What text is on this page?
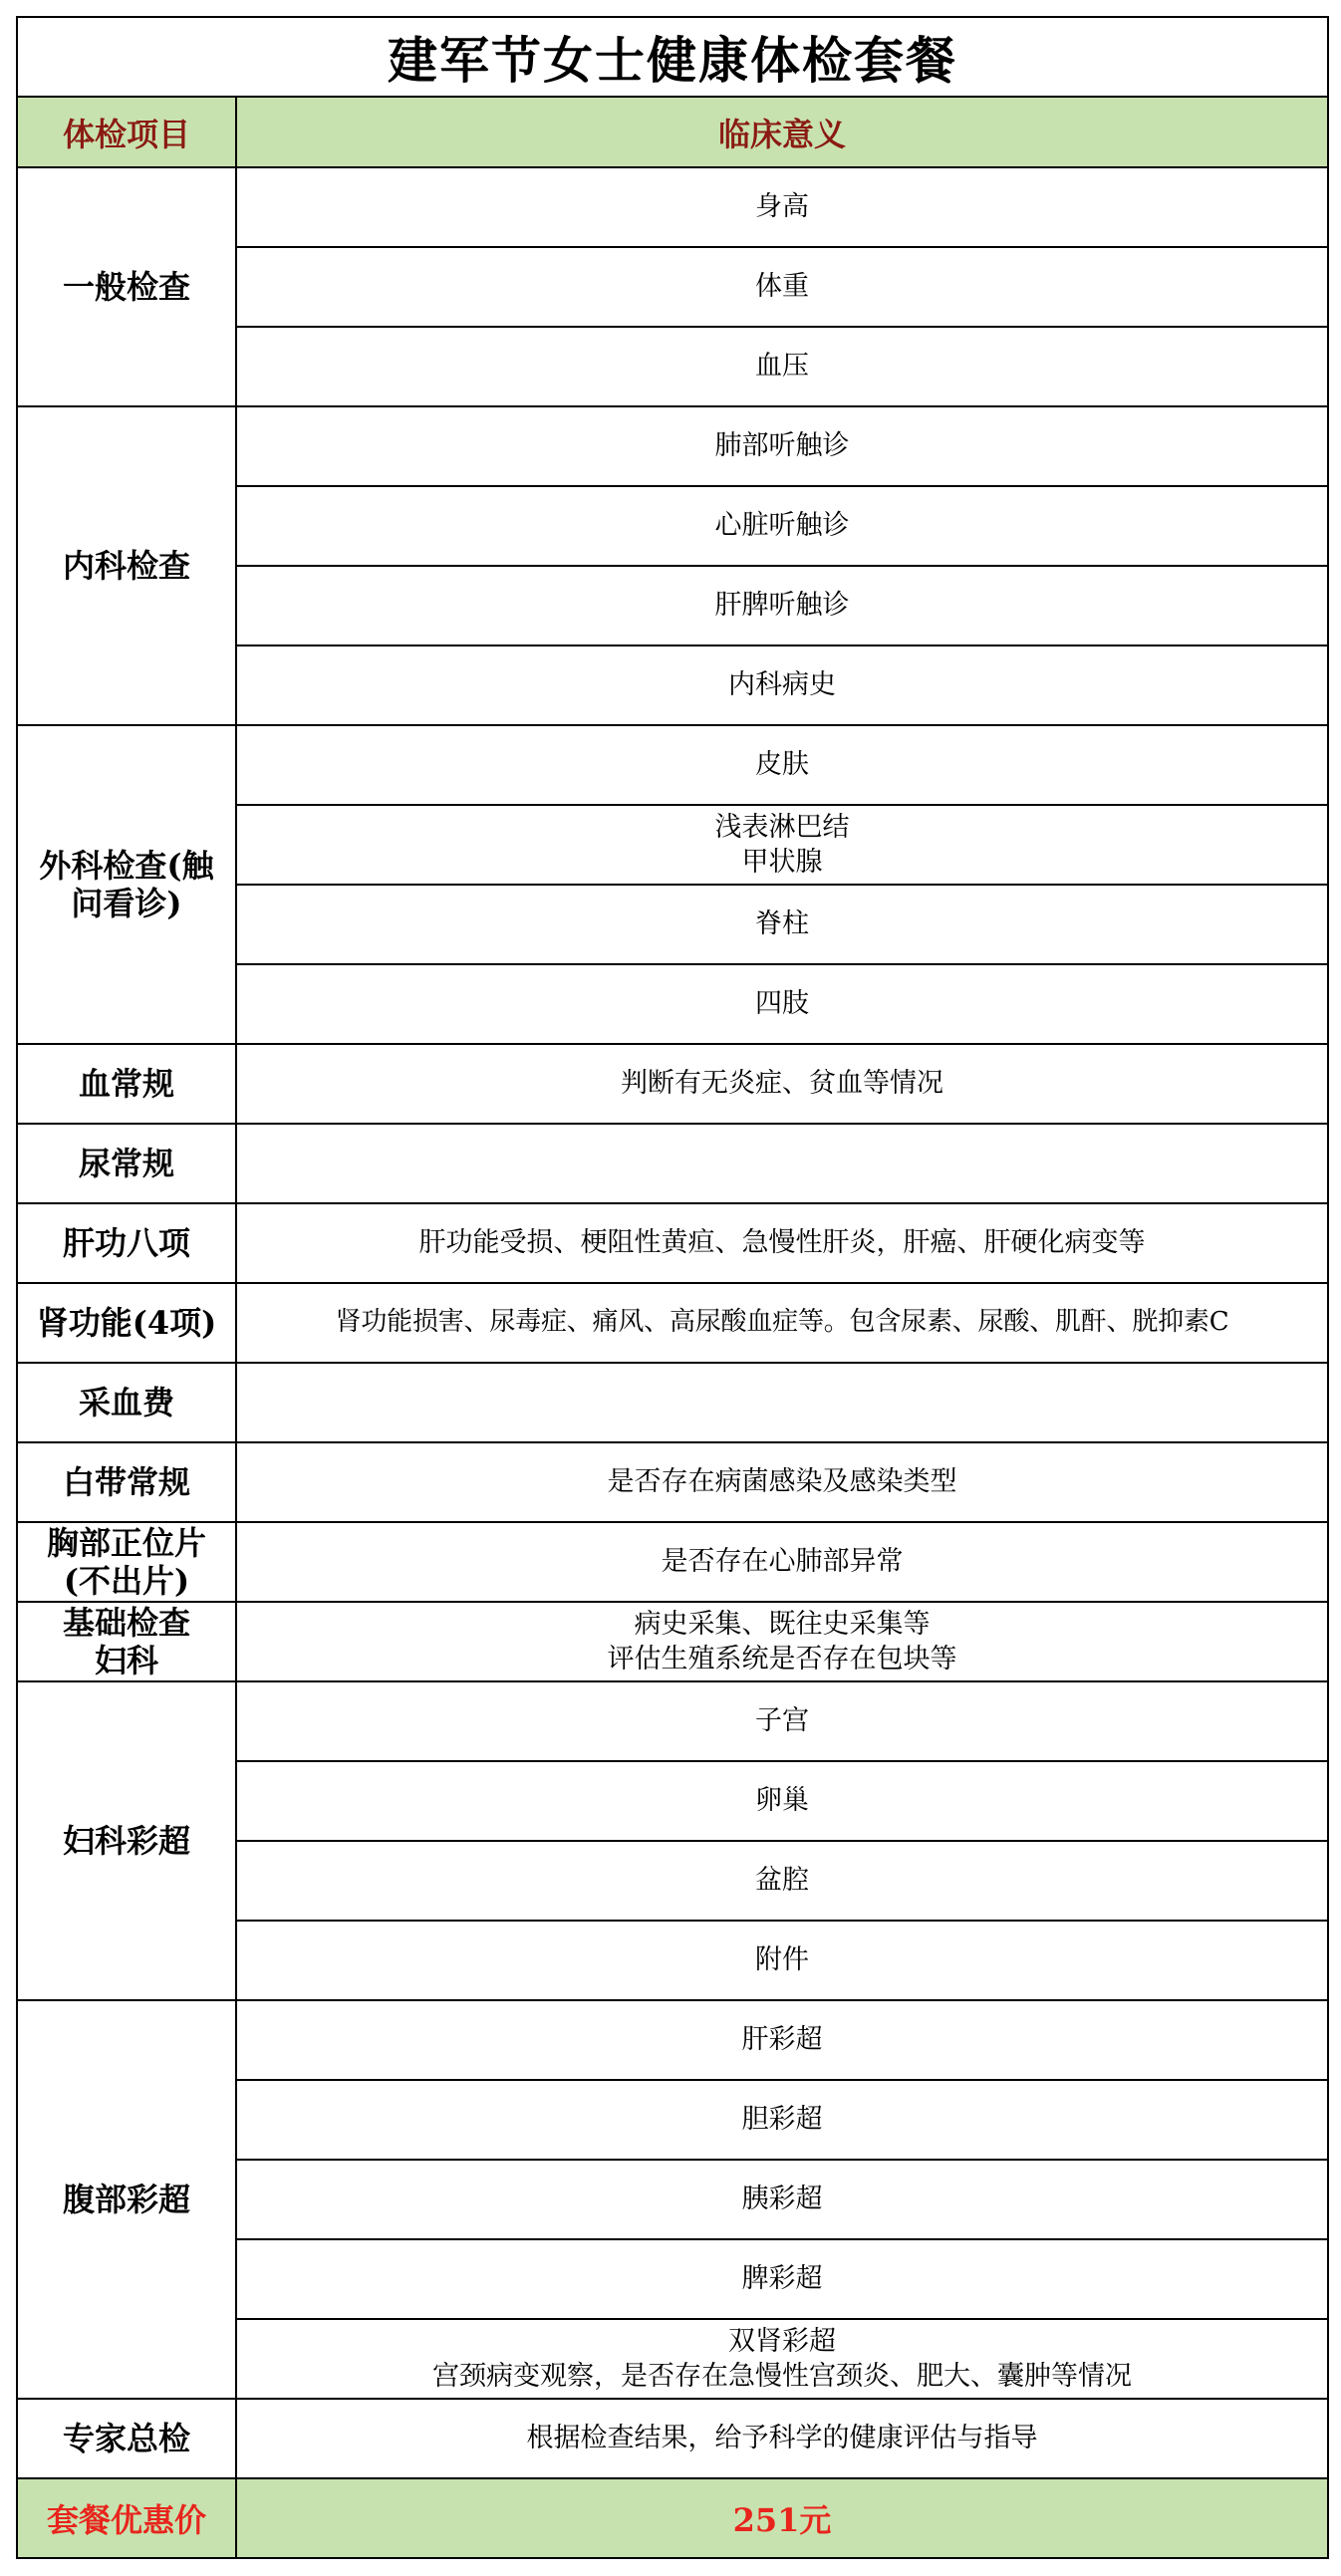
建军节女士健康体检套餐	
体检项目	临床意义

一般检查	身高

	体重

	血压

内科检查	肺部听触诊

	心脏听触诊

	肝脾听触诊

	内科病史

外科检查(触
问看诊)	皮肤

	浅表淋巴结
甲状腺

	脊柱

	四肢

血常规	判断有无炎症、贫血等情况

尿常规	

肝功八项	肝功能受损、梗阻性黄疸、急慢性肝炎，肝癌、肝硬化病变等

肾功能(4项)	肾功能损害、尿毒症、痛风、高尿酸血症等。包含尿素、尿酸、肌酐、胱抑素C

采血费	

白带常规	是否存在病菌感染及感染类型

胸部正位片
(不出片)	是否存在心肺部异常

基础检查
妇科	病史采集、既往史采集等
评估生殖系统是否存在包块等

妇科彩超	子宫

	卵巢

	盆腔

	附件

腹部彩超	肝彩超

	胆彩超

	胰彩超

	脾彩超

	双肾彩超
宫颈病变观察，是否存在急慢性宫颈炎、肥大、囊肿等情况

专家总检	根据检查结果，给予科学的健康评估与指导

套餐优惠价	251元
